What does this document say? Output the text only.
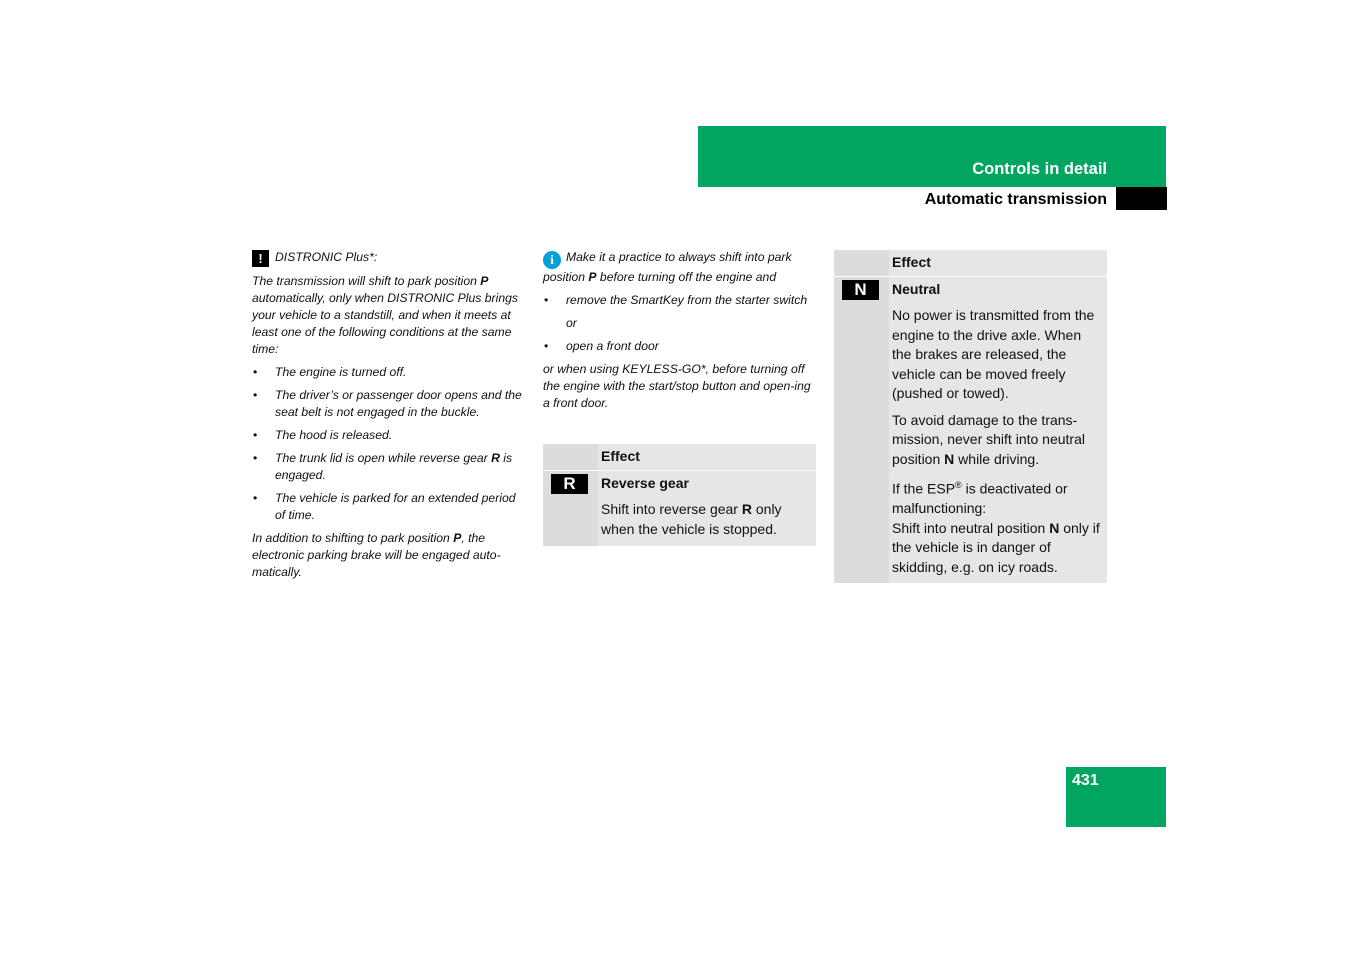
Controls in detail
Automatic transmission

! DISTRONIC Plus*:

The transmission will shift to park position P automatically, only when DISTRONIC Plus brings your vehicle to a standstill, and when it meets at least one of the following conditions at the same time:

• The engine is turned off.
• The driver’s or passenger door opens and the seat belt is not engaged in the buckle.
• The hood is released.
• The trunk lid is open while reverse gear R is engaged.
• The vehicle is parked for an extended period of time.

In addition to shifting to park position P, the electronic parking brake will be engaged auto-matically.

i Make it a practice to always shift into park position P before turning off the engine and

• remove the SmartKey from the starter switch
or
• open a front door

or when using KEYLESS-GO*, before turning off the engine with the start/stop button and open-ing a front door.

	Effect

R	Reverse gear

Shift into reverse gear R only when the vehicle is stopped.

	Effect

N	Neutral

No power is transmitted from the engine to the drive axle. When the brakes are released, the vehicle can be moved freely (pushed or towed).

To avoid damage to the trans-mission, never shift into neutral position N while driving.

If the ESP® is deactivated or malfunctioning:
Shift into neutral position N only if the vehicle is in danger of skidding, e.g. on icy roads.

431
